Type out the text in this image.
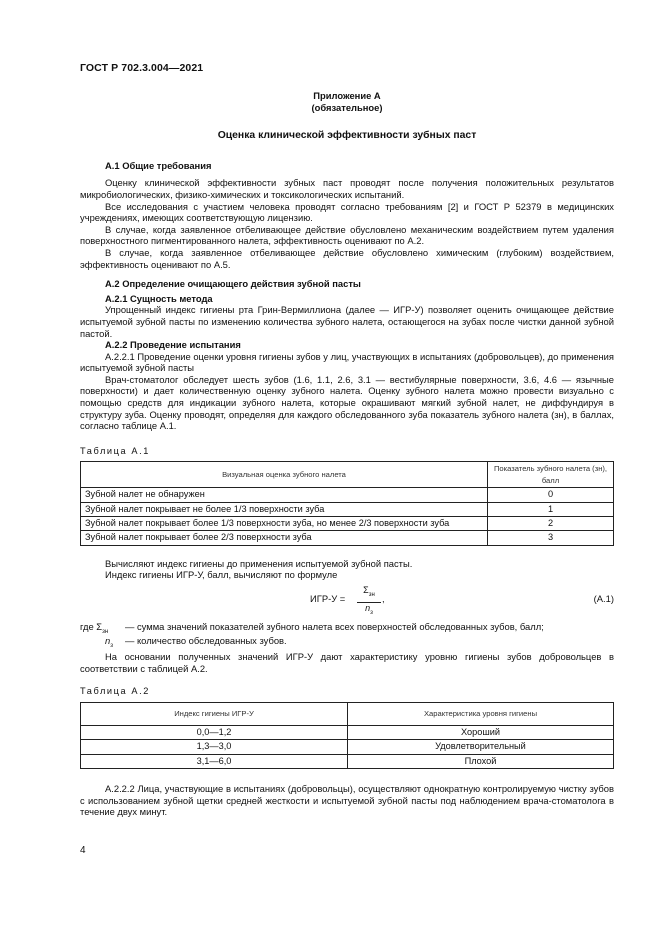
ГОСТ Р 702.3.004—2021

Приложение А

(обязательное)

Оценка клинической эффективности зубных паст

А.1 Общие требования

Оценку клинической эффективности зубных паст проводят после получения положительных результатов микробиологических, физико-химических и токсикологических испытаний.

Все исследования с участием человека проводят согласно требованиям [2] и ГОСТ Р 52379 в медицинских учреждениях, имеющих соответствующую лицензию.

В случае, когда заявленное отбеливающее действие обусловлено механическим воздействием путем удаления поверхностного пигментированного налета, эффективность оценивают по А.2.

В случае, когда заявленное отбеливающее действие обусловлено химическим (глубоким) воздействием, эффективность оценивают по А.5.

А.2 Определение очищающего действия зубной пасты

А.2.1 Сущность метода

Упрощенный индекс гигиены рта Грин-Вермиллиона (далее — ИГР-У) позволяет оценить очищающее действие испытуемой зубной пасты по изменению количества зубного налета, остающегося на зубах после чистки данной зубной пастой.

А.2.2 Проведение испытания

А.2.2.1 Проведение оценки уровня гигиены зубов у лиц, участвующих в испытаниях (добровольцев), до применения испытуемой зубной пасты

Врач-стоматолог обследует шесть зубов (1.6, 1.1, 2.6, 3.1 — вестибулярные поверхности, 3.6, 4.6 — язычные поверхности) и дает количественную оценку зубного налета. Оценку зубного налета можно провести визуально с помощью средств для индикации зубного налета, которые окрашивают мягкий зубной налет, не диффундируя в структуру зуба. Оценку проводят, определяя для каждого обследованного зуба показатель зубного налета (зн), в баллах, согласно таблице А.1.

Таблица А.1

Визуальная оценка зубного налета	Показатель зубного налета (зн), балл
Зубной налет не обнаружен	0
Зубной налет покрывает не более 1/3 поверхности зуба	1
Зубной налет покрывает более 1/3 поверхности зуба, но менее 2/3 поверхности зуба	2
Зубной налет покрывает более 2/3 поверхности зуба	3

Вычисляют индекс гигиены до применения испытуемой зубной пасты.

Индекс гигиены ИГР-У, балл, вычисляют по формуле

ИГР-У =
$\Sigma_{зн}$
$n_з$
,	(А.1)
где $\Sigma_{зн}$ — сумма значений показателей зубного налета всех поверхностей обследованных зубов, балл;
$n_з$ — количество обследованных зубов.

На основании полученных значений ИГР-У дают характеристику уровню гигиены зубов добровольцев в соответствии с таблицей А.2.

Таблица А.2

Индекс гигиены ИГР-У	Характеристика уровня гигиены
0,0—1,2	Хороший
1,3—3,0	Удовлетворительный
3,1—6,0	Плохой

А.2.2.2 Лица, участвующие в испытаниях (добровольцы), осуществляют однократную контролируемую чистку зубов с использованием зубной щетки средней жесткости и испытуемой зубной пасты под наблюдением врача-стоматолога в течение двух минут.

4
